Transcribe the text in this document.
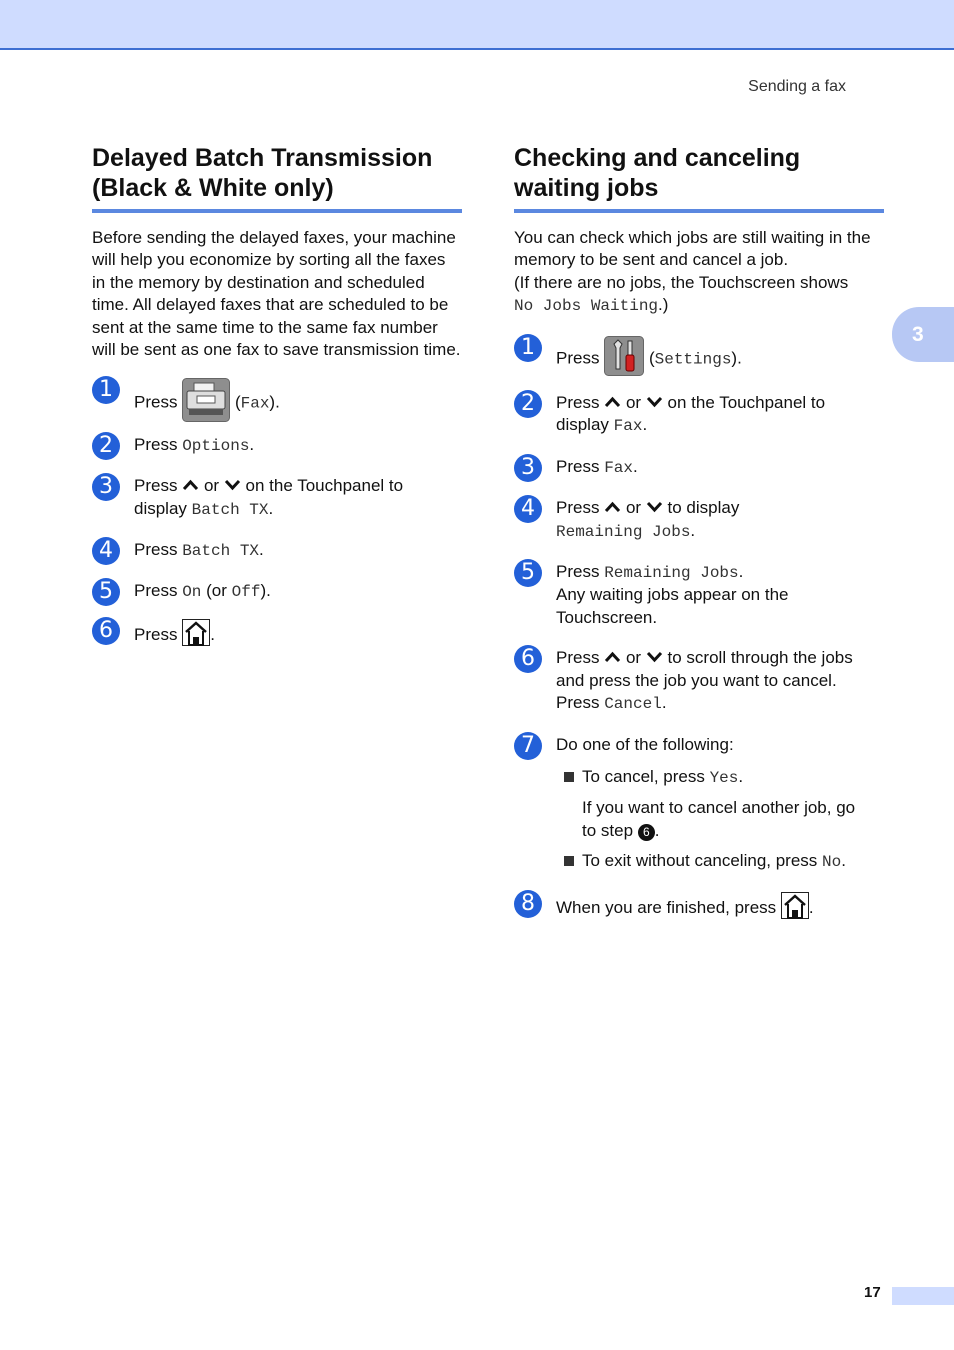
Sending a fax
3
Delayed Batch Transmission
(Black & White only)

Before sending the delayed faxes, your machine will help you economize by sorting all the faxes in the memory by destination and scheduled time. All delayed faxes that are scheduled to be sent at the same time to the same fax number will be sent as one fax to save transmission time.

1
Press	(Fax).
2	Press Options.
3	Press or on the Touchpanel to
display Batch TX.
4	Press Batch TX.
5	Press On (or Off).
6	Press .
Checking and canceling
waiting jobs

You can check which jobs are still waiting in the memory to be sent and cancel a job.
(If there are no jobs, the Touchscreen shows
No Jobs Waiting.)

1	Press	(Settings).
2	Press or on the Touchpanel to
display Fax.
3	Press Fax.
4	Press or to display
Remaining Jobs.
5	Press Remaining Jobs.
Any waiting jobs appear on the
Touchscreen.
6	Press or to scroll through the jobs
and press the job you want to cancel.
Press Cancel.
7	Do one of the following:
To cancel, press Yes.
If you want to cancel another job, go
to step 6 .
To exit without canceling, press No.
8	When you are finished, press .
17
